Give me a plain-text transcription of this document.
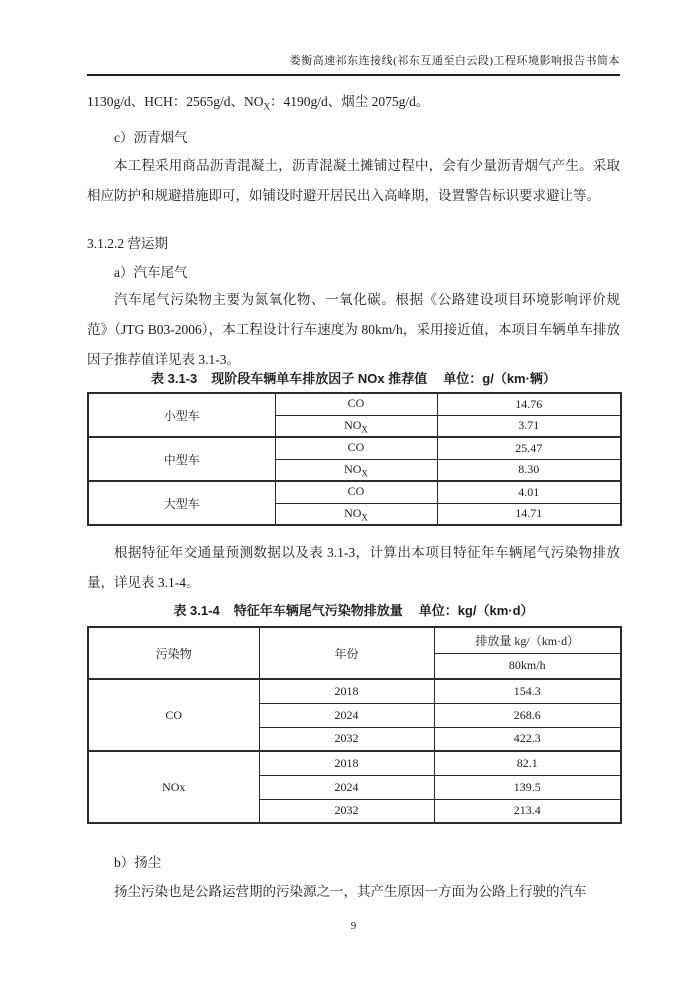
娄衡高速祁东连接线(祁东互通至白云段)工程环境影响报告书简本
1130g/d、HCH：2565g/d、$NO_X$：4190g/d、烟尘 2075g/d。
c）沥青烟气
本工程采用商品沥青混凝土，沥青混凝土摊铺过程中，会有少量沥青烟气产生。采取相应防护和规避措施即可，如铺设时避开居民出入高峰期，设置警告标识要求避让等。
3.1.2.2 营运期
a）汽车尾气
汽车尾气污染物主要为氮氧化物、一氧化碳。根据《公路建设项目环境影响评价规范》（JTG B03-2006），本工程设计行车速度为 80km/h，采用接近值，本项目车辆单车排放因子推荐值详见表 3.1-3。
表 3.1-3 现阶段车辆单车排放因子 NOx 推荐值 单位：g/（km·辆）
小型车	CO	14.76
	$NO_X$	3.71
中型车	CO	25.47
	$NO_X$	8.30
大型车	CO	4.01
	$NO_X$	14.71
根据特征年交通量预测数据以及表 3.1-3，计算出本项目特征年车辆尾气污染物排放量，详见表 3.1-4。
表 3.1-4 特征年车辆尾气污染物排放量 单位：kg/（km·d）
污染物	年份	排放量 kg/（km·d）
		80km/h
CO	2018	154.3
	2024	268.6
	2032	422.3
NOx	2018	82.1
	2024	139.5
	2032	213.4
b）扬尘
扬尘污染也是公路运营期的污染源之一，其产生原因一方面为公路上行驶的汽车
9
